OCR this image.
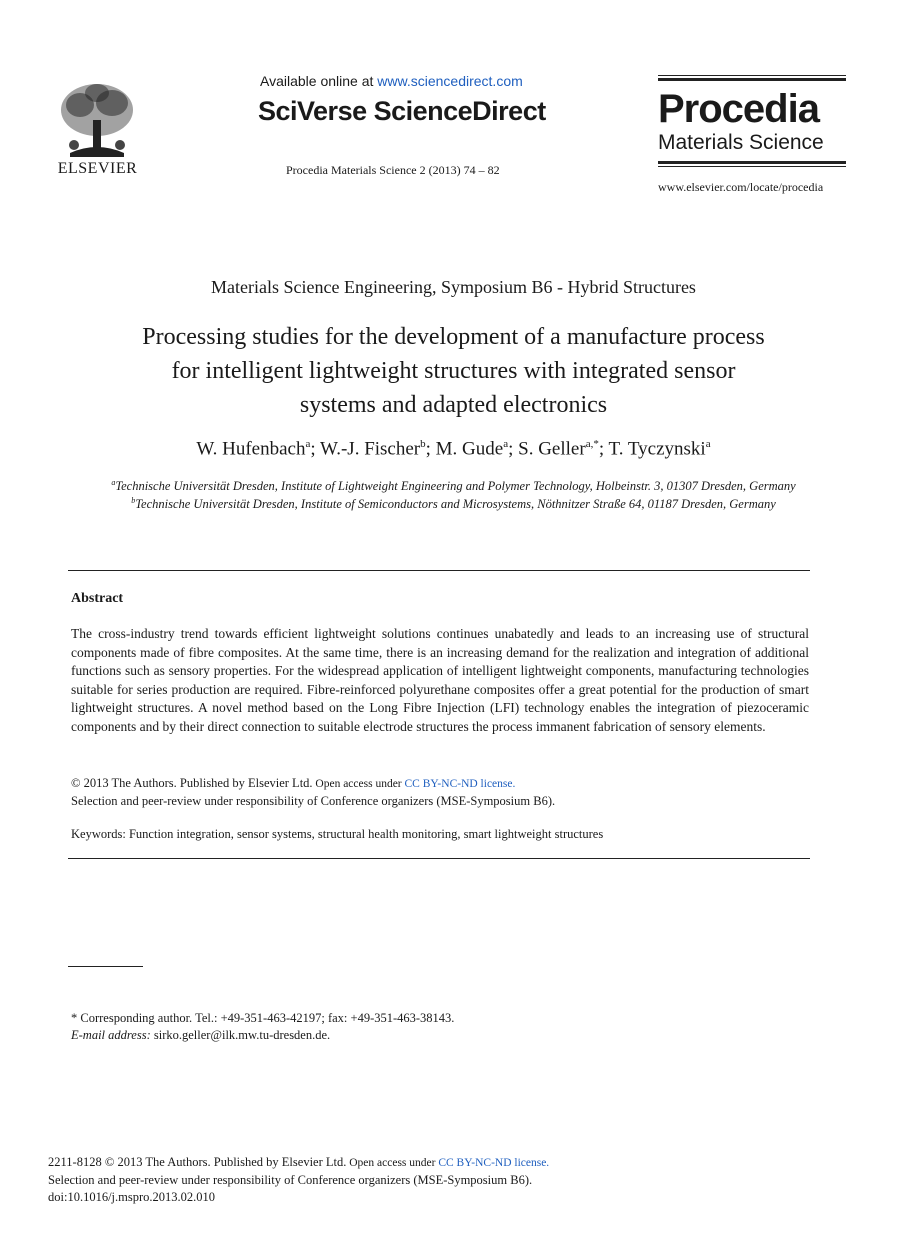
ELSEVIER
Available online at www.sciencedirect.com
SciVerse ScienceDirect
Procedia Materials Science 2 (2013) 74 – 82
Procedia
Materials Science
www.elsevier.com/locate/procedia
Materials Science Engineering, Symposium B6 - Hybrid Structures
Processing studies for the development of a manufacture process
for intelligent lightweight structures with integrated sensor
systems and adapted electronics
W. Hufenbach$^a$; W.-J. Fischer$^b$; M. Gude$^a$; S. Geller$^{a,*}$; T. Tyczynski$^a$
$^a$Technische Universität Dresden, Institute of Lightweight Engineering and Polymer Technology, Holbeinstr. 3, 01307 Dresden, Germany
$^b$Technische Universität Dresden, Institute of Semiconductors and Microsystems, Nöthnitzer Straße 64, 01187 Dresden, Germany
Abstract
The cross-industry trend towards efficient lightweight solutions continues unabatedly and leads to an increasing use of structural components made of fibre composites. At the same time, there is an increasing demand for the realization and integration of additional functions such as sensory properties. For the widespread application of intelligent lightweight components, manufacturing technologies suitable for series production are required. Fibre-reinforced polyurethane composites offer a great potential for the production of smart lightweight structures. A novel method based on the Long Fibre Injection (LFI) technology enables the integration of piezoceramic components and by their direct connection to suitable electrode structures the process immanent fabrication of sensory elements.
© 2013 The Authors. Published by Elsevier Ltd. Open access under CC BY-NC-ND license.
Selection and peer-review under responsibility of Conference organizers (MSE-Symposium B6).
Keywords: Function integration, sensor systems, structural health monitoring, smart lightweight structures
* Corresponding author. Tel.: +49-351-463-42197; fax: +49-351-463-38143.
E-mail address: sirko.geller@ilk.mw.tu-dresden.de.
2211-8128 © 2013 The Authors. Published by Elsevier Ltd. Open access under CC BY-NC-ND license.
Selection and peer-review under responsibility of Conference organizers (MSE-Symposium B6).
doi:10.1016/j.mspro.2013.02.010
